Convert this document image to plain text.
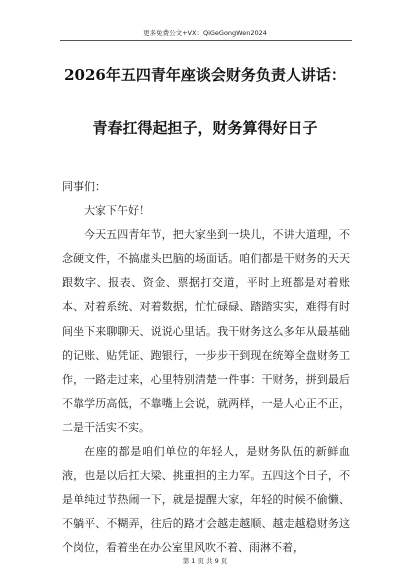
更多免费公文+VX：QiGeGongWen2024
2026年五四青年座谈会财务负责人讲话：
青春扛得起担子，财务算得好日子

同事们：

大家下午好！

今天五四青年节，把大家坐到一块儿，不讲大道理，不念硬文件，不搞虚头巴脑的场面话。咱们都是干财务的天天跟数字、报表、资金、票据打交道，平时上班都是对着账本、对着系统、对着数据，忙忙碌碌、踏踏实实，难得有时间坐下来聊聊天、说说心里话。我干财务这么多年从最基础的记账、贴凭证、跑银行，一步步干到现在统筹全盘财务工作，一路走过来，心里特别清楚一件事：干财务，拼到最后不靠学历高低，不靠嘴上会说，就两样，一是人心正不正，二是干活实不实。

在座的都是咱们单位的年轻人，是财务队伍的新鲜血液，也是以后扛大梁、挑重担的主力军。五四这个日子，不是单纯过节热闹一下，就是提醒大家，年轻的时候不偷懒、不躺平、不糊弄，往后的路才会越走越顺、越走越稳财务这个岗位，看着坐在办公室里风吹不着、雨淋不着，

第 1 页 共 9 页
